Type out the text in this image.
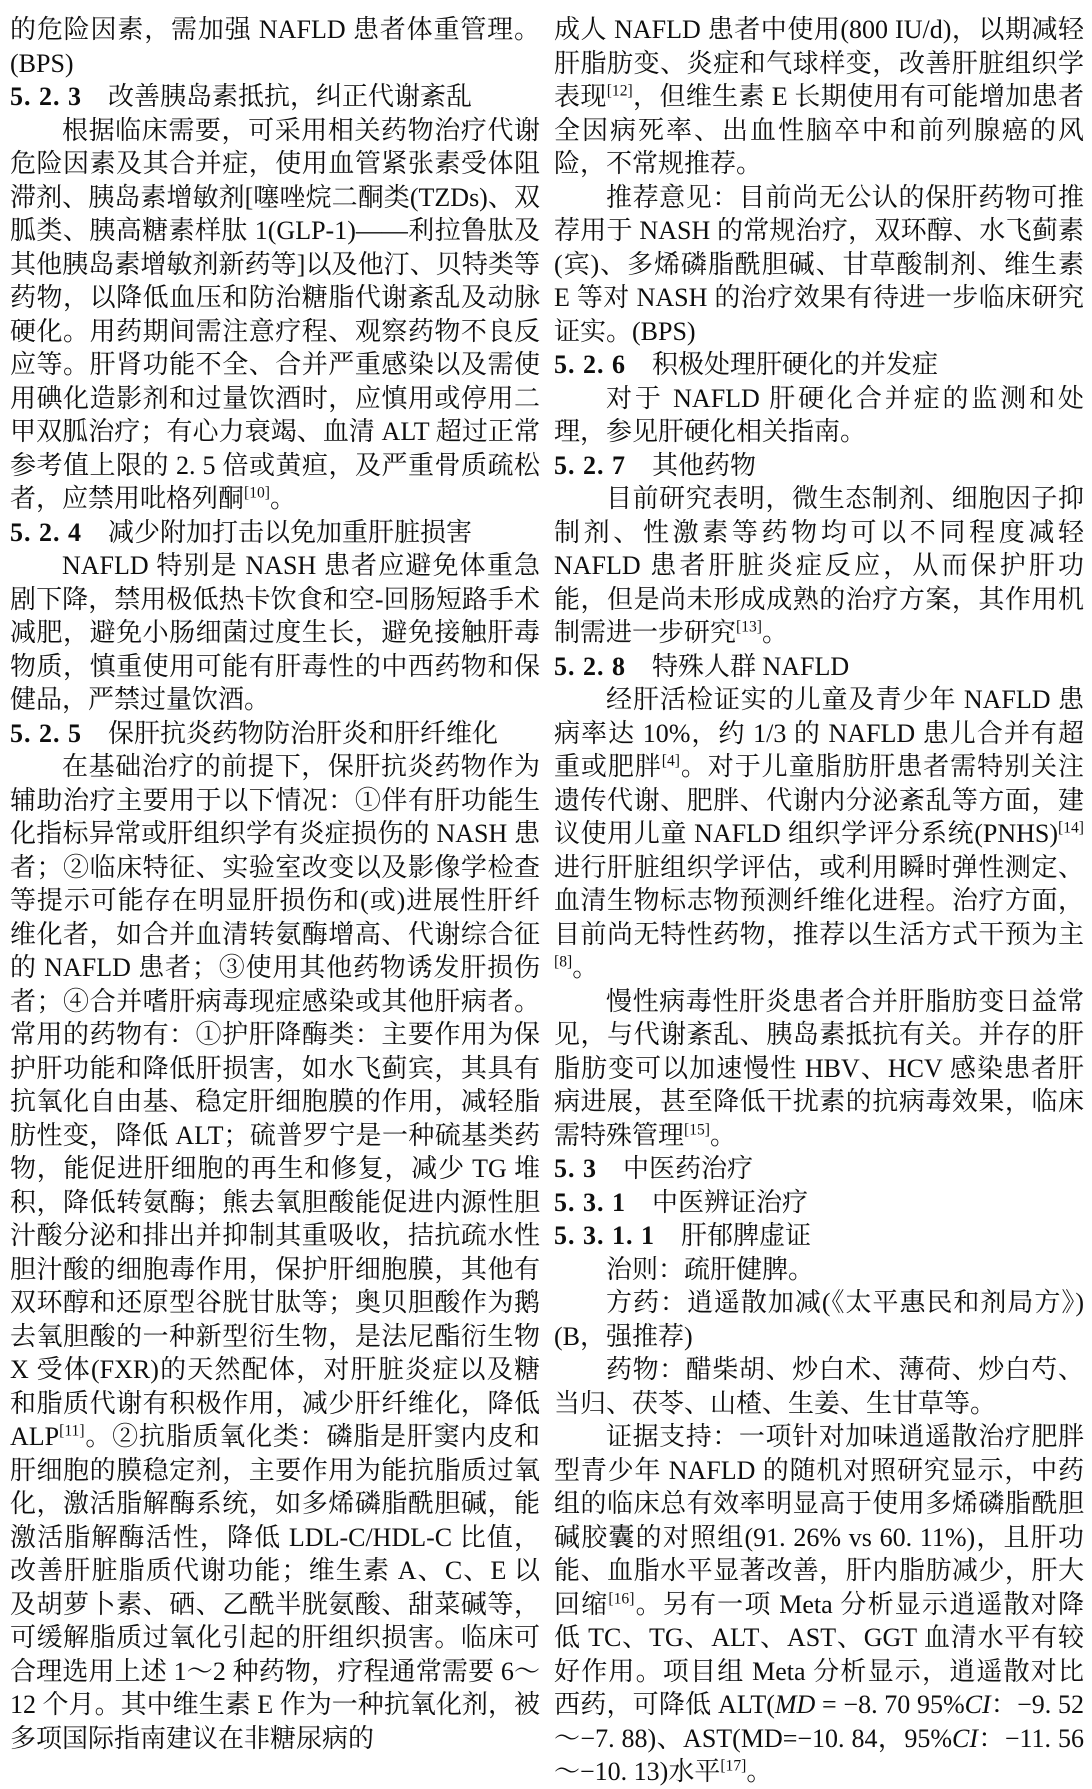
的危险因素，需加强 NAFLD 患者体重管理。(BPS)

5. 2. 3 改善胰岛素抵抗，纠正代谢紊乱

根据临床需要，可采用相关药物治疗代谢危险因素及其合并症，使用血管紧张素受体阻滞剂、胰岛素增敏剂[噻唑烷二酮类(TZDs)、双胍类、胰高糖素样肽 1(GLP-1)——利拉鲁肽及其他胰岛素增敏剂新药等]以及他汀、贝特类等药物，以降低血压和防治糖脂代谢紊乱及动脉硬化。用药期间需注意疗程、观察药物不良反应等。肝肾功能不全、合并严重感染以及需使用碘化造影剂和过量饮酒时，应慎用或停用二甲双胍治疗；有心力衰竭、血清 ALT 超过正常参考值上限的 2. 5 倍或黄疸，及严重骨质疏松者，应禁用吡格列酮[10]。

5. 2. 4 减少附加打击以免加重肝脏损害

NAFLD 特别是 NASH 患者应避免体重急剧下降，禁用极低热卡饮食和空-回肠短路手术减肥，避免小肠细菌过度生长，避免接触肝毒物质，慎重使用可能有肝毒性的中西药物和保健品，严禁过量饮酒。

5. 2. 5 保肝抗炎药物防治肝炎和肝纤维化

在基础治疗的前提下，保肝抗炎药物作为辅助治疗主要用于以下情况：①伴有肝功能生化指标异常或肝组织学有炎症损伤的 NASH 患者；②临床特征、实验室改变以及影像学检查等提示可能存在明显肝损伤和(或)进展性肝纤维化者，如合并血清转氨酶增高、代谢综合征的 NAFLD 患者；③使用其他药物诱发肝损伤者；④合并嗜肝病毒现症感染或其他肝病者。常用的药物有：①护肝降酶类：主要作用为保护肝功能和降低肝损害，如水飞蓟宾，其具有抗氧化自由基、稳定肝细胞膜的作用，减轻脂肪性变，降低 ALT；硫普罗宁是一种硫基类药物，能促进肝细胞的再生和修复，减少 TG 堆积，降低转氨酶；熊去氧胆酸能促进内源性胆汁酸分泌和排出并抑制其重吸收，拮抗疏水性胆汁酸的细胞毒作用，保护肝细胞膜，其他有双环醇和还原型谷胱甘肽等；奥贝胆酸作为鹅去氧胆酸的一种新型衍生物，是法尼酯衍生物 X 受体(FXR)的天然配体，对肝脏炎症以及糖和脂质代谢有积极作用，减少肝纤维化，降低 ALP[11]。②抗脂质氧化类：磷脂是肝窦内皮和肝细胞的膜稳定剂，主要作用为能抗脂质过氧化，激活脂解酶系统，如多烯磷脂酰胆碱，能激活脂解酶活性，降低 LDL-C/HDL-C 比值，改善肝脏脂质代谢功能；维生素 A、C、E 以及胡萝卜素、硒、乙酰半胱氨酸、甜菜碱等，可缓解脂质过氧化引起的肝组织损害。临床可合理选用上述 1～2 种药物，疗程通常需要 6～12 个月。其中维生素 E 作为一种抗氧化剂，被多项国际指南建议在非糖尿病的

成人 NAFLD 患者中使用(800 IU/d)，以期减轻肝脂肪变、炎症和气球样变，改善肝脏组织学表现[12]，但维生素 E 长期使用有可能增加患者全因病死率、出血性脑卒中和前列腺癌的风险，不常规推荐。

推荐意见：目前尚无公认的保肝药物可推荐用于 NASH 的常规治疗，双环醇、水飞蓟素(宾)、多烯磷脂酰胆碱、甘草酸制剂、维生素 E 等对 NASH 的治疗效果有待进一步临床研究证实。(BPS)

5. 2. 6 积极处理肝硬化的并发症

对于 NAFLD 肝硬化合并症的监测和处理，参见肝硬化相关指南。

5. 2. 7 其他药物

目前研究表明，微生态制剂、细胞因子抑制剂、性激素等药物均可以不同程度减轻 NAFLD 患者肝脏炎症反应，从而保护肝功能，但是尚未形成成熟的治疗方案，其作用机制需进一步研究[13]。

5. 2. 8 特殊人群 NAFLD

经肝活检证实的儿童及青少年 NAFLD 患病率达 10%，约 1/3 的 NAFLD 患儿合并有超重或肥胖[4]。对于儿童脂肪肝患者需特别关注遗传代谢、肥胖、代谢内分泌紊乱等方面，建议使用儿童 NAFLD 组织学评分系统(PNHS)[14] 进行肝脏组织学评估，或利用瞬时弹性测定、血清生物标志物预测纤维化进程。治疗方面，目前尚无特性药物，推荐以生活方式干预为主[8]。

慢性病毒性肝炎患者合并肝脂肪变日益常见，与代谢紊乱、胰岛素抵抗有关。并存的肝脂肪变可以加速慢性 HBV、HCV 感染患者肝病进展，甚至降低干扰素的抗病毒效果，临床需特殊管理[15]。

5. 3 中医药治疗
5. 3. 1 中医辨证治疗
5. 3. 1. 1 肝郁脾虚证

治则：疏肝健脾。

方药：逍遥散加减(《太平惠民和剂局方》)(B，强推荐)

药物：醋柴胡、炒白术、薄荷、炒白芍、当归、茯苓、山楂、生姜、生甘草等。

证据支持：一项针对加味逍遥散治疗肥胖型青少年 NAFLD 的随机对照研究显示，中药组的临床总有效率明显高于使用多烯磷脂酰胆碱胶囊的对照组(91. 26% vs 60. 11%)，且肝功能、血脂水平显著改善，肝内脂肪减少，肝大回缩[16]。另有一项 Meta 分析显示逍遥散对降低 TC、TG、ALT、AST、GGT 血清水平有较好作用。项目组 Meta 分析显示，逍遥散对比西药，可降低 ALT(MD = −8. 70 95%CI：−9. 52～−7. 88)、AST(MD=−10. 84，95%CI：−11. 56～−10. 13)水平[17]。
